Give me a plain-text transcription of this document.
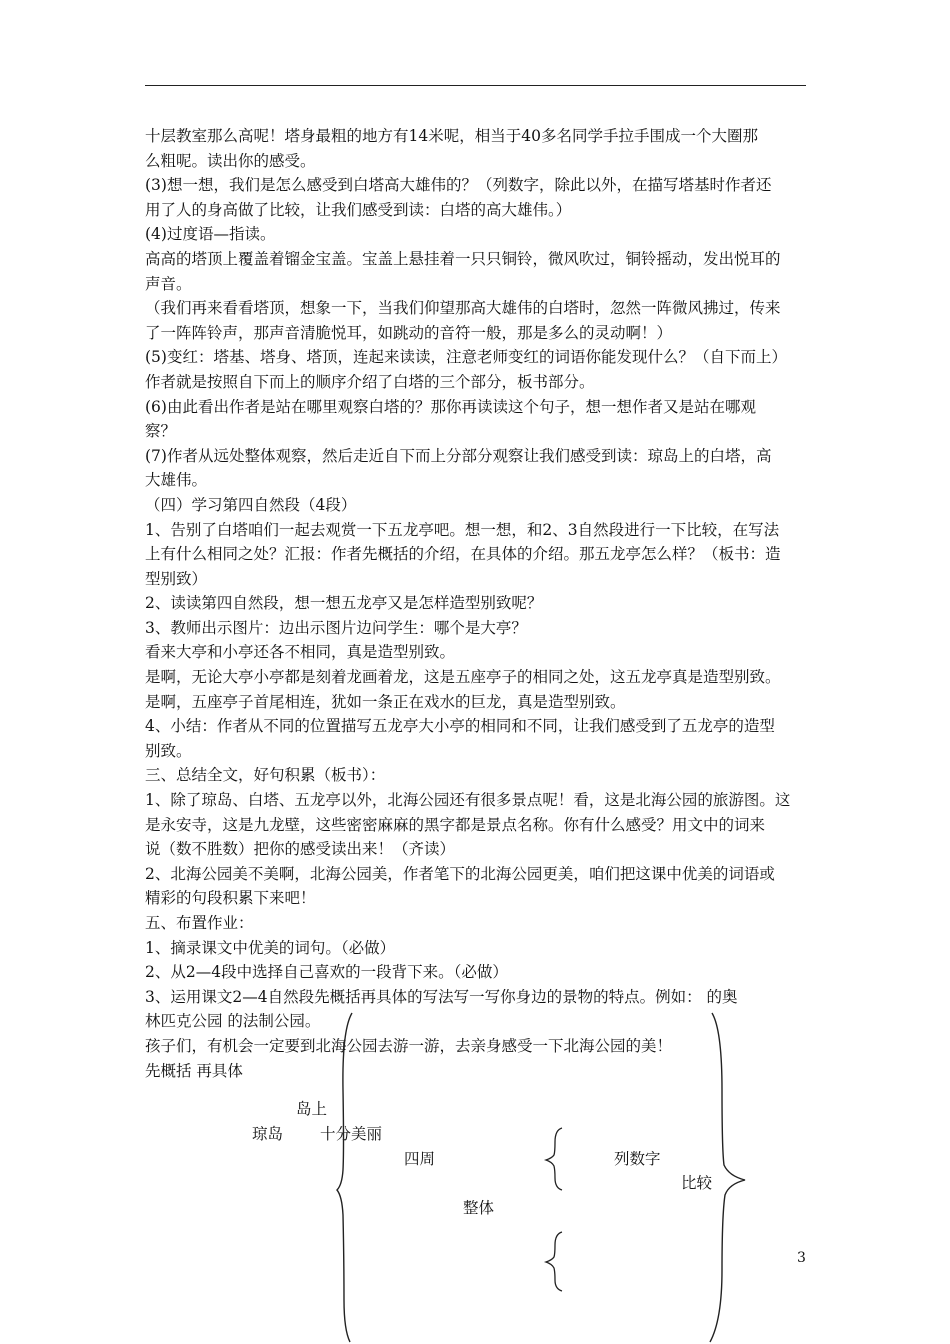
十层教室那么高呢！塔身最粗的地方有14米呢，相当于40多名同学手拉手围成一个大圈那
么粗呢。读出你的感受。
(3)想一想，我们是怎么感受到白塔高大雄伟的？（列数字，除此以外，在描写塔基时作者还
用了人的身高做了比较，让我们感受到读：白塔的高大雄伟。）
(4)过度语—指读。
高高的塔顶上覆盖着镏金宝盖。宝盖上悬挂着一只只铜铃，微风吹过，铜铃摇动，发出悦耳的
声音。
（我们再来看看塔顶，想象一下，当我们仰望那高大雄伟的白塔时，忽然一阵微风拂过，传来
了一阵阵铃声，那声音清脆悦耳，如跳动的音符一般，那是多么的灵动啊！）
(5)变红：塔基、塔身、塔顶，连起来读读，注意老师变红的词语你能发现什么？（自下而上）
作者就是按照自下而上的顺序介绍了白塔的三个部分，板书部分。
(6)由此看出作者是站在哪里观察白塔的？那你再读读这个句子，想一想作者又是站在哪观
察？
(7)作者从远处整体观察，然后走近自下而上分部分观察让我们感受到读：琼岛上的白塔，高
大雄伟。
（四）学习第四自然段（4段）
1、告别了白塔咱们一起去观赏一下五龙亭吧。想一想，和2、3自然段进行一下比较，在写法
上有什么相同之处？汇报：作者先概括的介绍，在具体的介绍。那五龙亭怎么样？（板书：造
型别致）
2、读读第四自然段，想一想五龙亭又是怎样造型别致呢？
3、教师出示图片：边出示图片边问学生：哪个是大亭？
看来大亭和小亭还各不相同，真是造型别致。
是啊，无论大亭小亭都是刻着龙画着龙，这是五座亭子的相同之处，这五龙亭真是造型别致。
是啊，五座亭子首尾相连，犹如一条正在戏水的巨龙，真是造型别致。
4、小结：作者从不同的位置描写五龙亭大小亭的相同和不同，让我们感受到了五龙亭的造型
别致。
三、总结全文，好句积累（板书）：
1、除了琼岛、白塔、五龙亭以外，北海公园还有很多景点呢！看，这是北海公园的旅游图。这
是永安寺，这是九龙壁，这些密密麻麻的黑字都是景点名称。你有什么感受？用文中的词来
说（数不胜数）把你的感受读出来！（齐读）
2、北海公园美不美啊，北海公园美，作者笔下的北海公园更美，咱们把这课中优美的词语或
精彩的句段积累下来吧！
五、布置作业：
1、摘录课文中优美的词句。（必做）
2、从2—4段中选择自己喜欢的一段背下来。（必做）
3、运用课文2—4自然段先概括再具体的写法写一写你身边的景物的特点。例如： 的奥
林匹克公园 的法制公园。
孩子们，有机会一定要到北海公园去游一游，去亲身感受一下北海公园的美！
先概括 再具体
岛上
琼岛 十分美丽
四周	列数字
比较
整体
3
